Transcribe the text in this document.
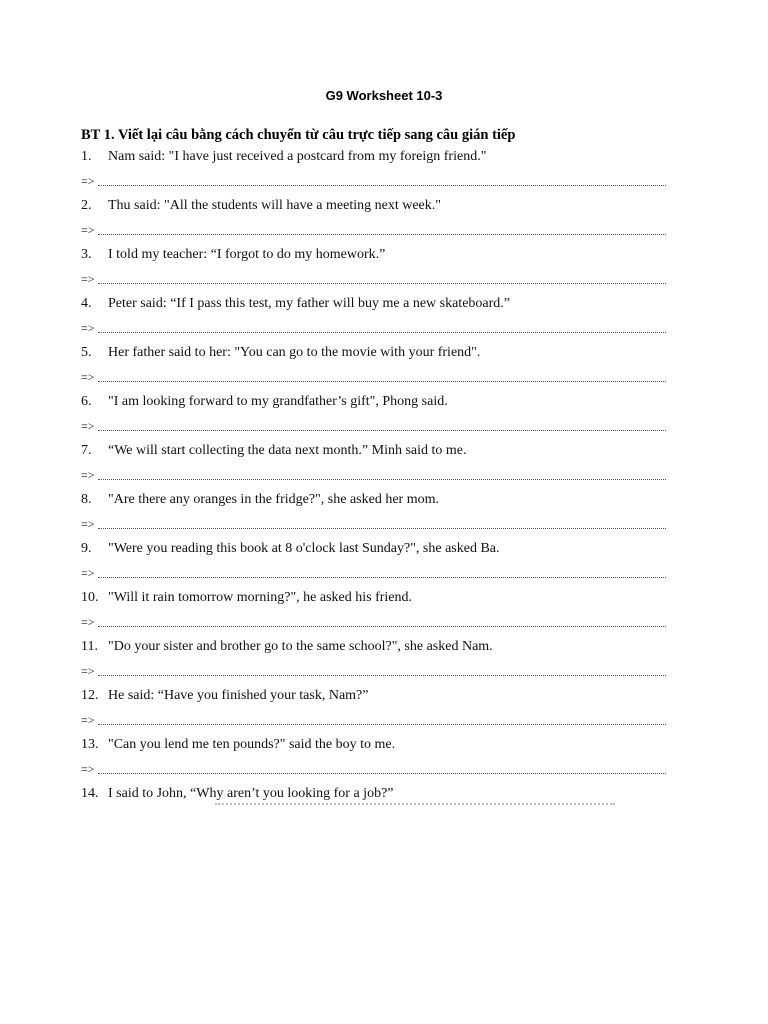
G9 Worksheet 10-3
BT 1. Viết lại câu bằng cách chuyển từ câu trực tiếp sang câu gián tiếp
1. Nam said: "I have just received a postcard from my foreign friend."
=>
2. Thu said: "All the students will have a meeting next week."
=>
3. I told my teacher: “I forgot to do my homework.”
=>
4. Peter said: “If I pass this test, my father will buy me a new skateboard.”
=>
5. Her father said to her: "You can go to the movie with your friend".
=>
6. "I am looking forward to my grandfather’s gift", Phong said.
=>
7. “We will start collecting the data next month.” Minh said to me.
=>
8. "Are there any oranges in the fridge?", she asked her mom.
=>
9. "Were you reading this book at 8 o'clock last Sunday?", she asked Ba.
=>
10. "Will it rain tomorrow morning?", he asked his friend.
=>
11. "Do your sister and brother go to the same school?", she asked Nam.
=>
12. He said: “Have you finished your task, Nam?”
=>
13. "Can you lend me ten pounds?" said the boy to me.
=>
14. I said to John, “Why aren’t you looking for a job?”
